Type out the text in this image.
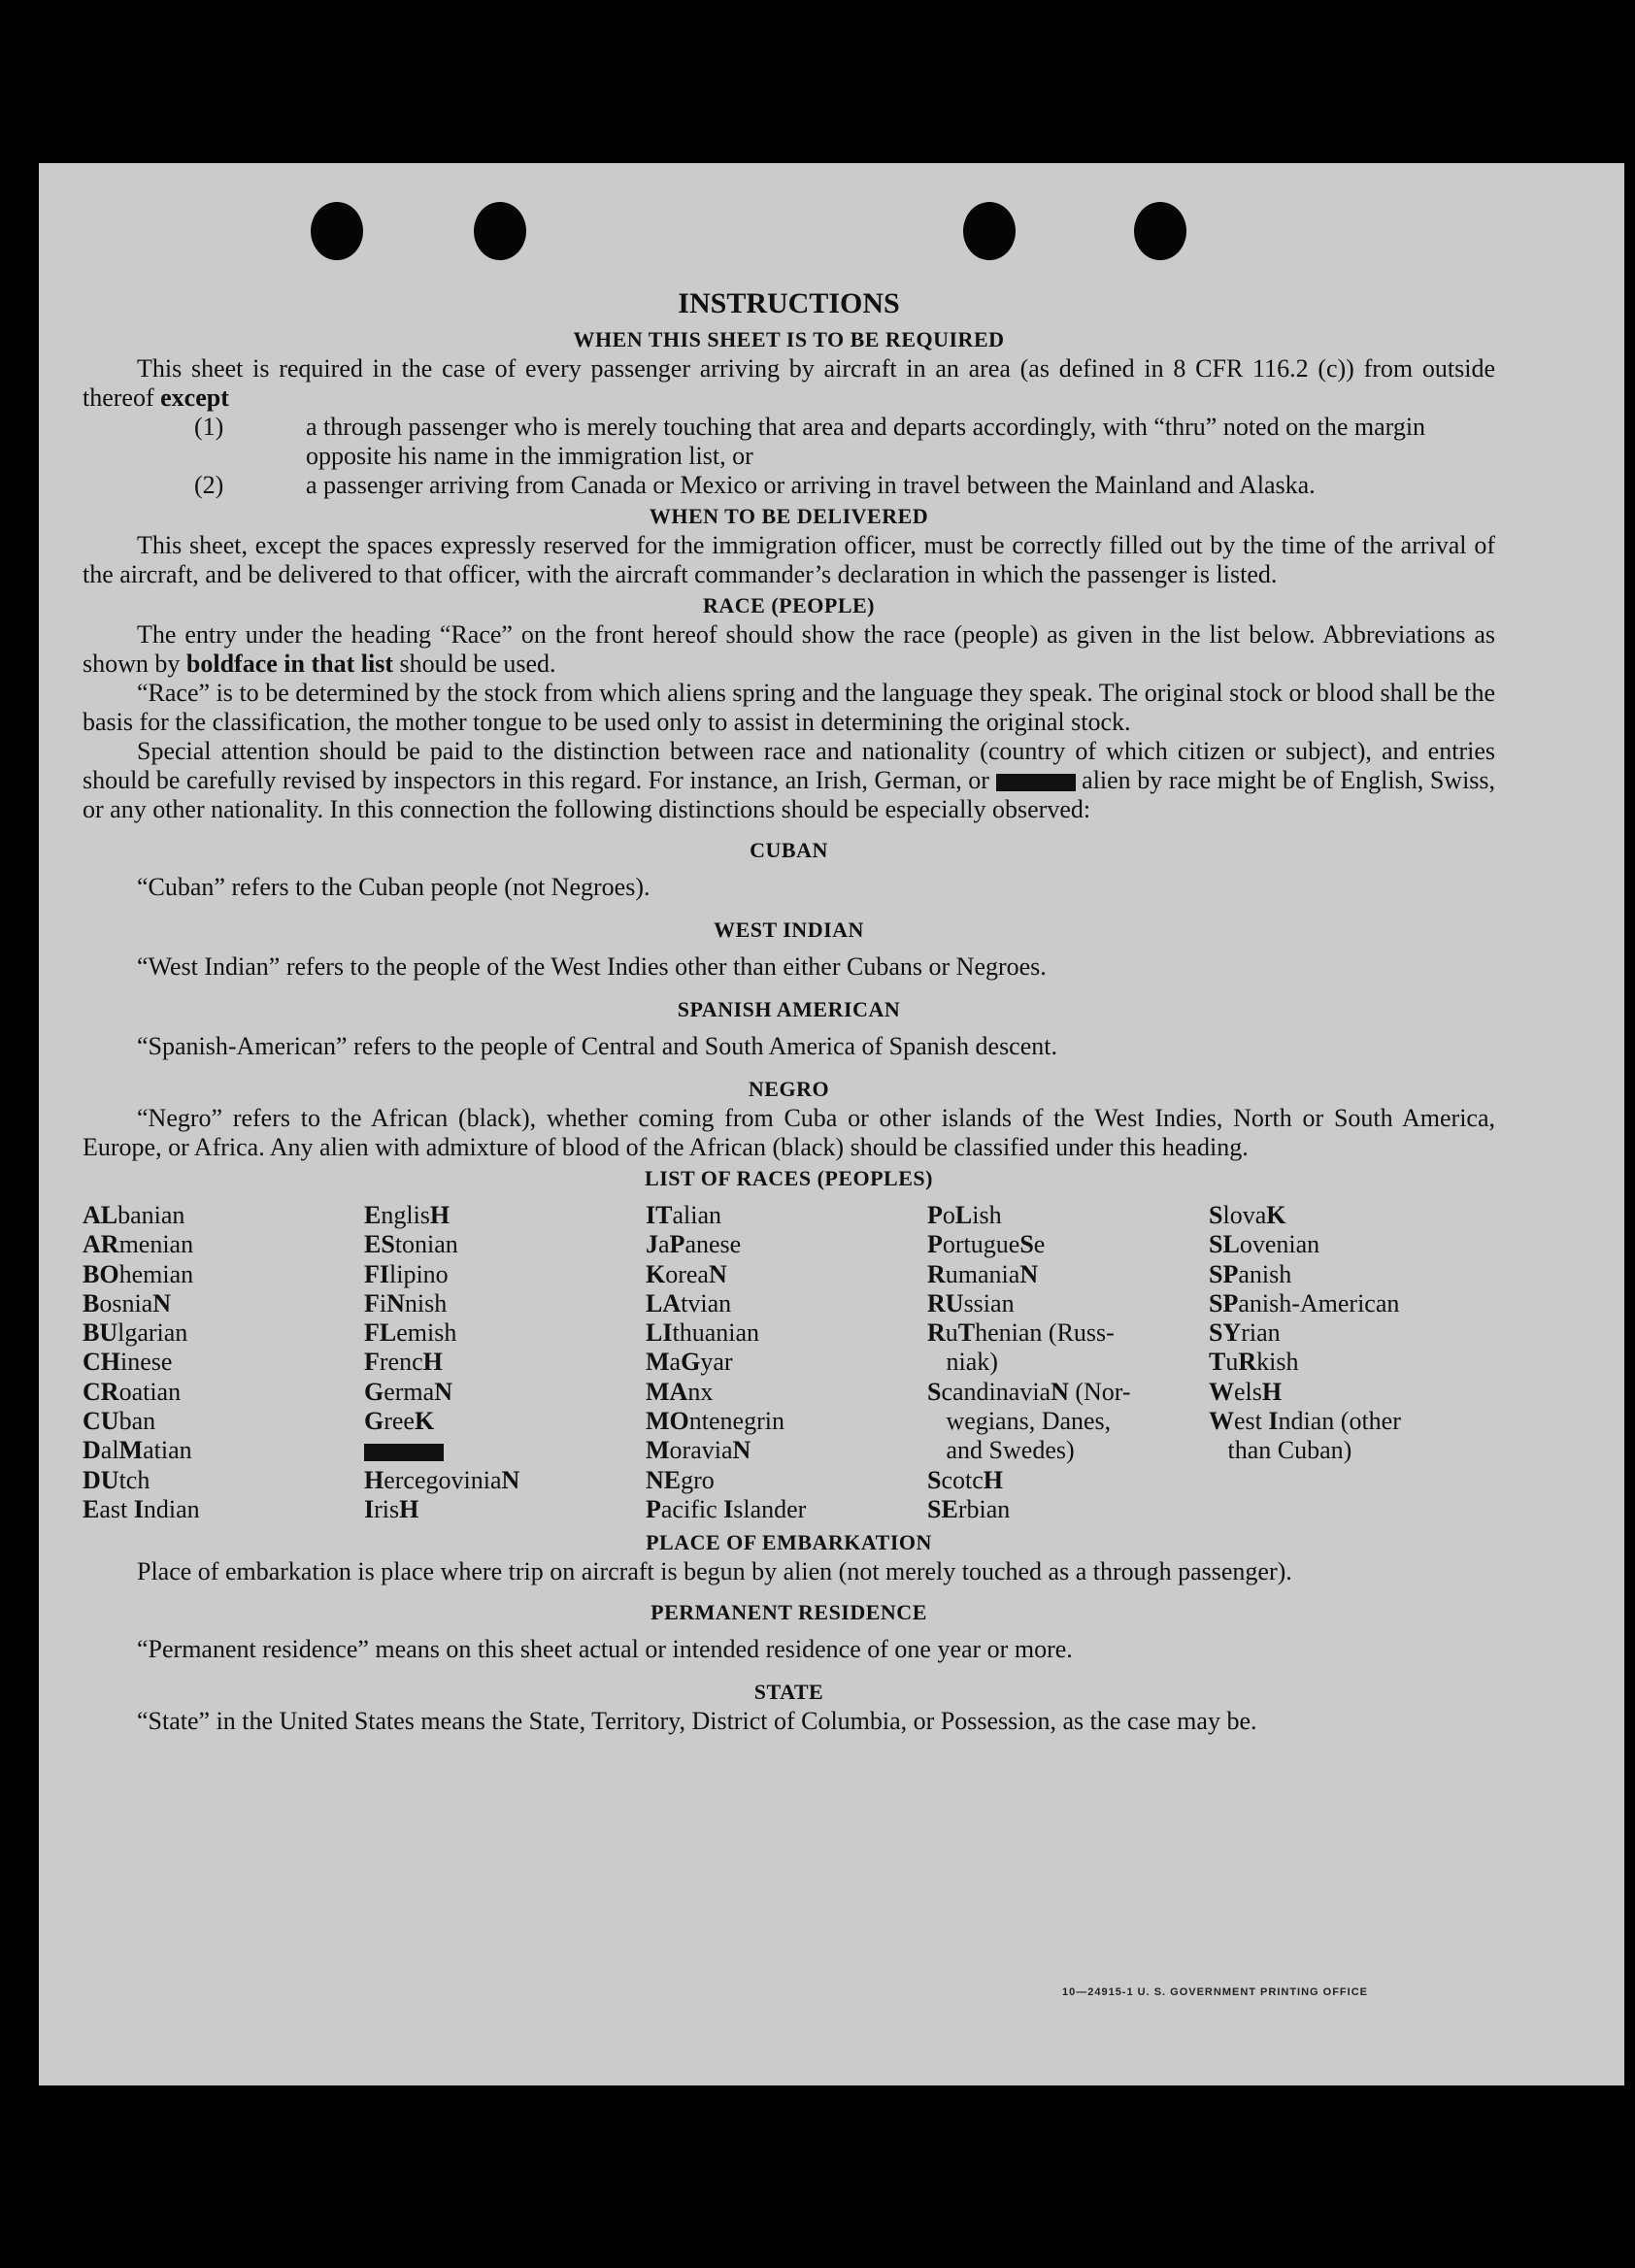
INSTRUCTIONS
WHEN THIS SHEET IS TO BE REQUIRED

This sheet is required in the case of every passenger arriving by aircraft in an area (as defined in 8 CFR 116.2 (c)) from outside thereof except

(1)	a through passenger who is merely touching that area and departs accordingly, with “thru” noted on the margin opposite his name in the immigration list, or
(2)	a passenger arriving from Canada or Mexico or arriving in travel between the Mainland and Alaska.
WHEN TO BE DELIVERED

This sheet, except the spaces expressly reserved for the immigration officer, must be correctly filled out by the time of the arrival of the aircraft, and be delivered to that officer, with the aircraft commander’s declaration in which the passenger is listed.

RACE (PEOPLE)

The entry under the heading “Race” on the front hereof should show the race (people) as given in the list below. Abbreviations as shown by boldface in that list should be used.

“Race” is to be determined by the stock from which aliens spring and the language they speak. The original stock or blood shall be the basis for the classification, the mother tongue to be used only to assist in determining the original stock.

Special attention should be paid to the distinction between race and nationality (country of which citizen or subject), and entries should be carefully revised by inspectors in this regard. For instance, an Irish, German, or	alien by race might be of English, Swiss, or any other nationality. In this connection the following distinctions should be especially observed:

CUBAN

“Cuban” refers to the Cuban people (not Negroes).

WEST INDIAN

“West Indian” refers to the people of the West Indies other than either Cubans or Negroes.

SPANISH AMERICAN

“Spanish-American” refers to the people of Central and South America of Spanish descent.

NEGRO

“Negro” refers to the African (black), whether coming from Cuba or other islands of the West Indies, North or South America, Europe, or Africa. Any alien with admixture of blood of the African (black) should be classified under this heading.

LIST OF RACES (PEOPLES)
ALbanian
ARmenian
BOhemian
BosniaN
BUlgarian
CHinese
CRoatian
CUban
DalMatian
DUtch
East Indian
EnglisH
EStonian
FIlipino
FiNnish
FLemish
FrencH
GermaN
GreeK
HercegoviniaN
IrisH
ITalian
JaPanese
KoreaN
LAtvian
LIthuanian
MaGyar
MAnx
MOntenegrin
MoraviaN
NEgro
Pacific Islander
PoLish
PortugueSe
RumaniaN
RUssian
RuThenian (Russ-
niak)
ScandinaviaN (Nor-
wegians, Danes,
and Swedes)
ScotcH
SErbian
SlovaK
SLovenian
SPanish
SPanish-American
SYrian
TuRkish
WelsH
West Indian (other
than Cuban)
PLACE OF EMBARKATION

Place of embarkation is place where trip on aircraft is begun by alien (not merely touched as a through passenger).

PERMANENT RESIDENCE

“Permanent residence” means on this sheet actual or intended residence of one year or more.

STATE

“State” in the United States means the State, Territory, District of Columbia, or Possession, as the case may be.

10—24915-1 U. S. GOVERNMENT PRINTING OFFICE
